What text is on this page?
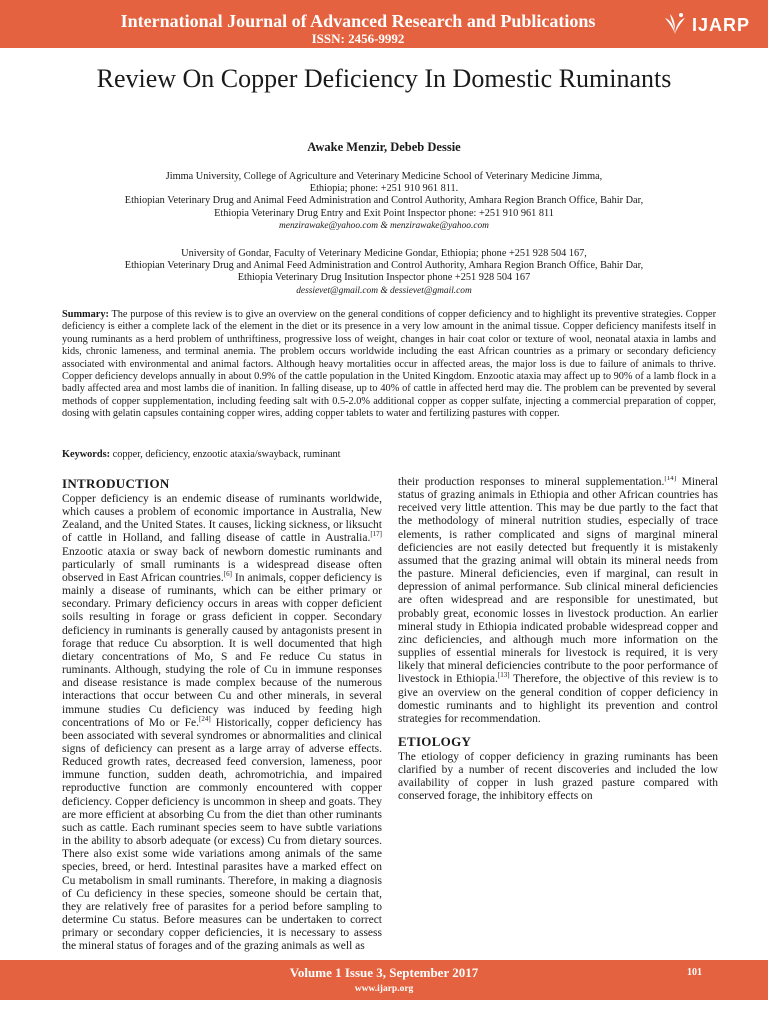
International Journal of Advanced Research and Publications
ISSN: 2456-9992
IJARP
Review On Copper Deficiency In Domestic Ruminants
Awake Menzir, Debeb Dessie
Jimma University, College of Agriculture and Veterinary Medicine School of Veterinary Medicine Jimma,
Ethiopia; phone: +251 910 961 811.
Ethiopian Veterinary Drug and Animal Feed Administration and Control Authority, Amhara Region Branch Office, Bahir Dar,
Ethiopia Veterinary Drug Entry and Exit Point Inspector phone: +251 910 961 811
menzirawake@yahoo.com & menzirawake@yahoo.com
University of Gondar, Faculty of Veterinary Medicine Gondar, Ethiopia; phone +251 928 504 167,
Ethiopian Veterinary Drug and Animal Feed Administration and Control Authority, Amhara Region Branch Office, Bahir Dar,
Ethiopia Veterinary Drug Insitution Inspector phone +251 928 504 167
dessievet@gmail.com & dessievet@gmail.com
Summary: The purpose of this review is to give an overview on the general conditions of copper deficiency and to highlight its preventive strategies. Copper deficiency is either a complete lack of the element in the diet or its presence in a very low amount in the animal tissue. Copper deficiency manifests itself in young ruminants as a herd problem of unthriftiness, progressive loss of weight, changes in hair coat color or texture of wool, neonatal ataxia in lambs and kids, chronic lameness, and terminal anemia. The problem occurs worldwide including the east African countries as a primary or secondary deficiency associated with environmental and animal factors. Although heavy mortalities occur in affected areas, the major loss is due to failure of animals to thrive. Copper deficiency develops annually in about 0.9% of the cattle population in the United Kingdom. Enzootic ataxia may affect up to 90% of a lamb flock in a badly affected area and most lambs die of inanition. In falling disease, up to 40% of cattle in affected herd may die. The problem can be prevented by several methods of copper supplementation, including feeding salt with 0.5-2.0% additional copper as copper sulfate, injecting a commercial preparation of copper, dosing with gelatin capsules containing copper wires, adding copper tablets to water and fertilizing pastures with copper.
Keywords: copper, deficiency, enzootic ataxia/swayback, ruminant
INTRODUCTION

Copper deficiency is an endemic disease of ruminants worldwide, which causes a problem of economic importance in Australia, New Zealand, and the United States. It causes, licking sickness, or liksucht of cattle in Holland, and falling disease of cattle in Australia.[17] Enzootic ataxia or sway back of newborn domestic ruminants and particularly of small ruminants is a widespread disease often observed in East African countries.[6] In animals, copper deficiency is mainly a disease of ruminants, which can be either primary or secondary. Primary deficiency occurs in areas with copper deficient soils resulting in forage or grass deficient in copper. Secondary deficiency in ruminants is generally caused by antagonists present in forage that reduce Cu absorption. It is well documented that high dietary concentrations of Mo, S and Fe reduce Cu status in ruminants. Although, studying the role of Cu in immune responses and disease resistance is made complex because of the numerous interactions that occur between Cu and other minerals, in several immune studies Cu deficiency was induced by feeding high concentrations of Mo or Fe.[24] Historically, copper deficiency has been associated with several syndromes or abnormalities and clinical signs of deficiency can present as a large array of adverse effects. Reduced growth rates, decreased feed conversion, lameness, poor immune function, sudden death, achromotrichia, and impaired reproductive function are commonly encountered with copper deficiency. Copper deficiency is uncommon in sheep and goats. They are more efficient at absorbing Cu from the diet than other ruminants such as cattle. Each ruminant species seem to have subtle variations in the ability to absorb adequate (or excess) Cu from dietary sources. There also exist some wide variations among animals of the same species, breed, or herd. Intestinal parasites have a marked effect on Cu metabolism in small ruminants. Therefore, in making a diagnosis of Cu deficiency in these species, someone should be certain that, they are relatively free of parasites for a period before sampling to determine Cu status. Before measures can be undertaken to correct primary or secondary copper deficiencies, it is necessary to assess the mineral status of forages and of the grazing animals as well as

their production responses to mineral supplementation.[14] Mineral status of grazing animals in Ethiopia and other African countries has received very little attention. This may be due partly to the fact that the methodology of mineral nutrition studies, especially of trace elements, is rather complicated and signs of marginal mineral deficiencies are not easily detected but frequently it is mistakenly assumed that the grazing animal will obtain its mineral needs from the pasture. Mineral deficiencies, even if marginal, can result in depression of animal performance. Sub clinical mineral deficiencies are often widespread and are responsible for unestimated, but probably great, economic losses in livestock production. An earlier mineral study in Ethiopia indicated probable widespread copper and zinc deficiencies, and although much more information on the supplies of essential minerals for livestock is required, it is very likely that mineral deficiencies contribute to the poor performance of livestock in Ethiopia.[13] Therefore, the objective of this review is to give an overview on the general condition of copper deficiency in domestic ruminants and to highlight its prevention and control strategies for recommendation.

ETIOLOGY

The etiology of copper deficiency in grazing ruminants has been clarified by a number of recent discoveries and included the low availability of copper in lush grazed pasture compared with conserved forage, the inhibitory effects on

Volume 1 Issue 3, September 2017
www.ijarp.org
101
